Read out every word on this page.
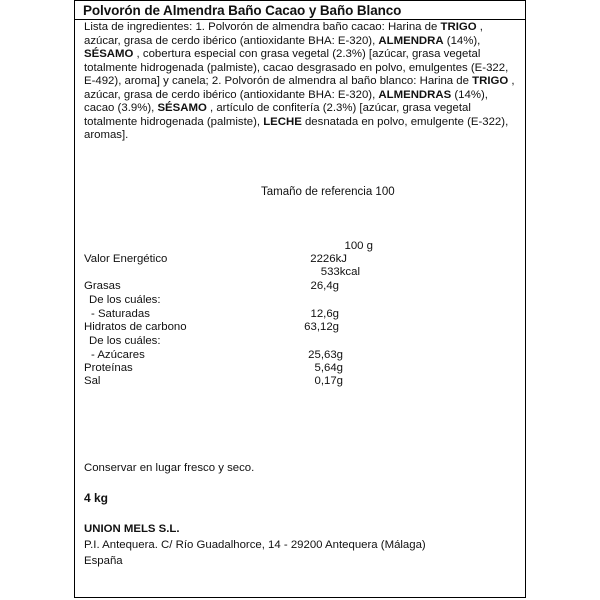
Polvorón de Almendra Baño Cacao y Baño Blanco
Lista de ingredientes: 1. Polvorón de almendra baño cacao: Harina de TRIGO , azúcar, grasa de cerdo ibérico (antioxidante BHA: E-320), ALMENDRA (14%), SÉSAMO , cobertura especial con grasa vegetal (2.3%) [azúcar, grasa vegetal totalmente hidrogenada (palmiste), cacao desgrasado en polvo, emulgentes (E-322, E-492), aroma] y canela; 2. Polvorón de almendra al baño blanco: Harina de TRIGO , azúcar, grasa de cerdo ibérico (antioxidante BHA: E-320), ALMENDRAS (14%), cacao (3.9%), SÉSAMO , artículo de confitería (2.3%) [azúcar, grasa vegetal totalmente hidrogenada (palmiste), LECHE desnatada en polvo, emulgente (E-322), aromas].
Tamaño de referencia 100
100 g
Valor Energético	2226kJ
533kcal
Grasas	26,4g
De los cuáles:
- Saturadas	12,6g
Hidratos de carbono	63,12g
De los cuáles:
- Azúcares	25,63g
Proteínas	5,64g
Sal	0,17g
Conservar en lugar fresco y seco.
4 kg
UNION MELS S.L.
P.I. Antequera. C/ Río Guadalhorce, 14 - 29200 Antequera (Málaga)
España
